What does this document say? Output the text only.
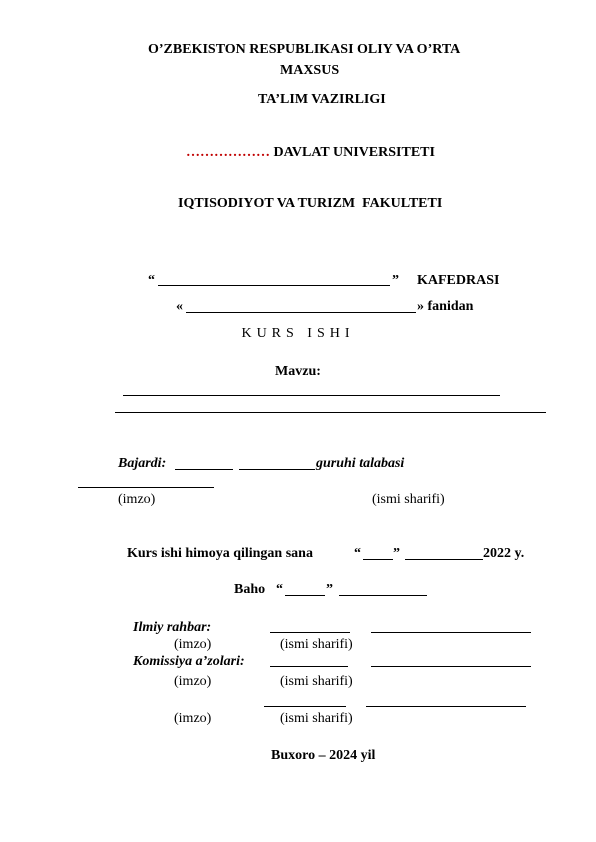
O’ZBEKISTON RESPUBLIKASI OLIY VA O’RTA
MAXSUS
TA’LIM VAZIRLIGI
……………… DAVLAT UNIVERSITETI
IQTISODIYOT VA TURIZM  FAKULTETI
“	” KAFEDRASI
«	» fanidan
KURS ISHI
Mavzu:
Bajardi:	guruhi talabasi
(imzo)	(ismi sharifi)
Kurs ishi himoya qilingan sana	“ ”	2022 y.
Baho “	”
Ilmiy rahbar:
(imzo)	(ismi sharifi)
Komissiya a’zolari:
(imzo)	(ismi sharifi)
(imzo)	(ismi sharifi)
Buxoro – 2024 yil
